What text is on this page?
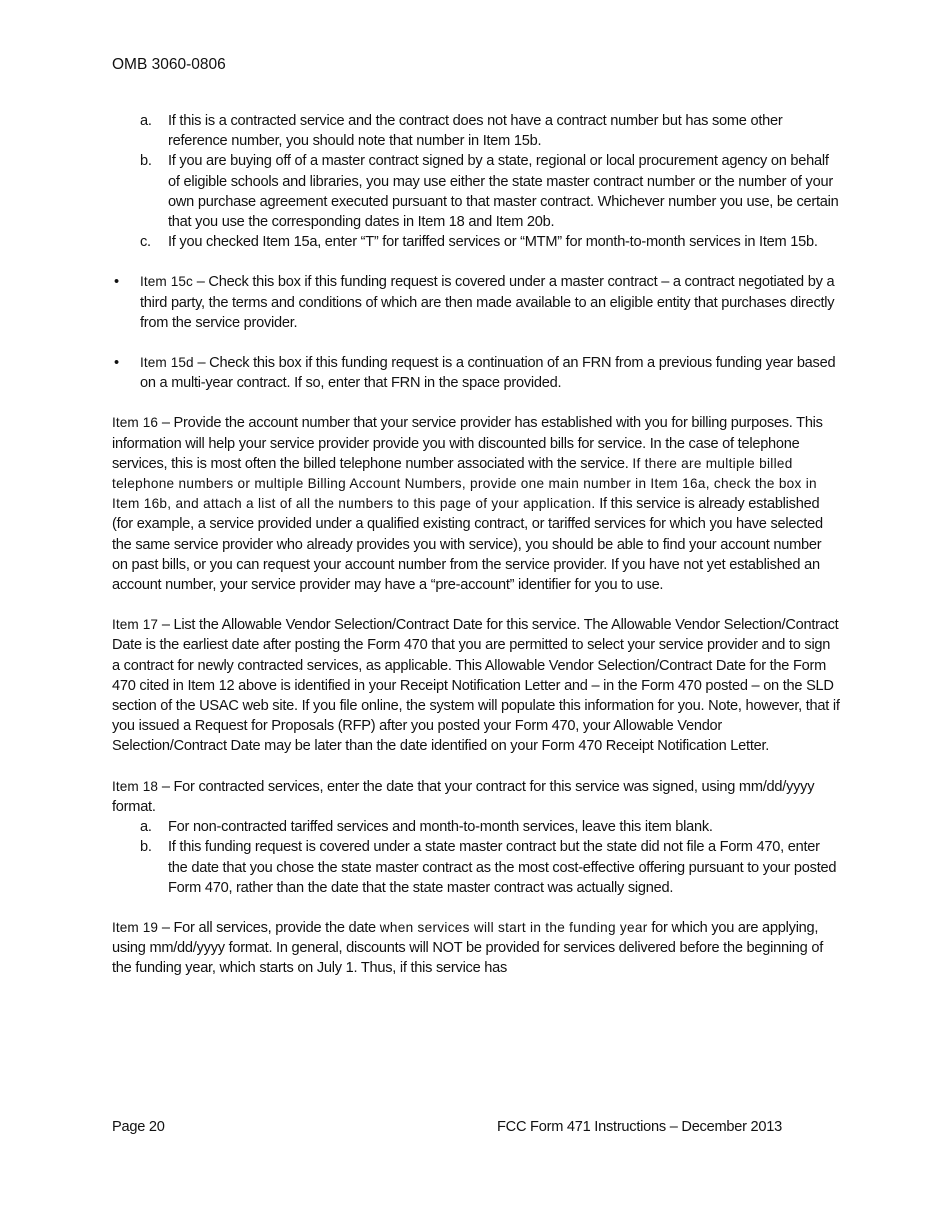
OMB 3060-0806
a. If this is a contracted service and the contract does not have a contract number but has some other reference number, you should note that number in Item 15b.
b. If you are buying off of a master contract signed by a state, regional or local procurement agency on behalf of eligible schools and libraries, you may use either the state master contract number or the number of your own purchase agreement executed pursuant to that master contract. Whichever number you use, be certain that you use the corresponding dates in Item 18 and Item 20b.
c. If you checked Item 15a, enter “T” for tariffed services or “MTM” for month-to-month services in Item 15b.
• Item 15c – Check this box if this funding request is covered under a master contract – a contract negotiated by a third party, the terms and conditions of which are then made available to an eligible entity that purchases directly from the service provider.
• Item 15d – Check this box if this funding request is a continuation of an FRN from a previous funding year based on a multi-year contract. If so, enter that FRN in the space provided.

Item 16 – Provide the account number that your service provider has established with you for billing purposes. This information will help your service provider provide you with discounted bills for service. In the case of telephone services, this is most often the billed telephone number associated with the service. If there are multiple billed telephone numbers or multiple Billing Account Numbers, provide one main number in Item 16a, check the box in Item 16b, and attach a list of all the numbers to this page of your application. If this service is already established (for example, a service provided under a qualified existing contract, or tariffed services for which you have selected the same service provider who already provides you with service), you should be able to find your account number on past bills, or you can request your account number from the service provider. If you have not yet established an account number, your service provider may have a “pre-account” identifier for you to use.

Item 17 – List the Allowable Vendor Selection/Contract Date for this service. The Allowable Vendor Selection/Contract Date is the earliest date after posting the Form 470 that you are permitted to select your service provider and to sign a contract for newly contracted services, as applicable. This Allowable Vendor Selection/Contract Date for the Form 470 cited in Item 12 above is identified in your Receipt Notification Letter and – in the Form 470 posted – on the SLD section of the USAC web site. If you file online, the system will populate this information for you. Note, however, that if you issued a Request for Proposals (RFP) after you posted your Form 470, your Allowable Vendor Selection/Contract Date may be later than the date identified on your Form 470 Receipt Notification Letter.

Item 18 – For contracted services, enter the date that your contract for this service was signed, using mm/dd/yyyy format.

a. For non-contracted tariffed services and month-to-month services, leave this item blank.
b. If this funding request is covered under a state master contract but the state did not file a Form 470, enter the date that you chose the state master contract as the most cost-effective offering pursuant to your posted Form 470, rather than the date that the state master contract was actually signed.

Item 19 – For all services, provide the date when services will start in the funding year for which you are applying, using mm/dd/yyyy format. In general, discounts will NOT be provided for services delivered before the beginning of the funding year, which starts on July 1. Thus, if this service has

Page 20	FCC Form 471 Instructions – December 2013
